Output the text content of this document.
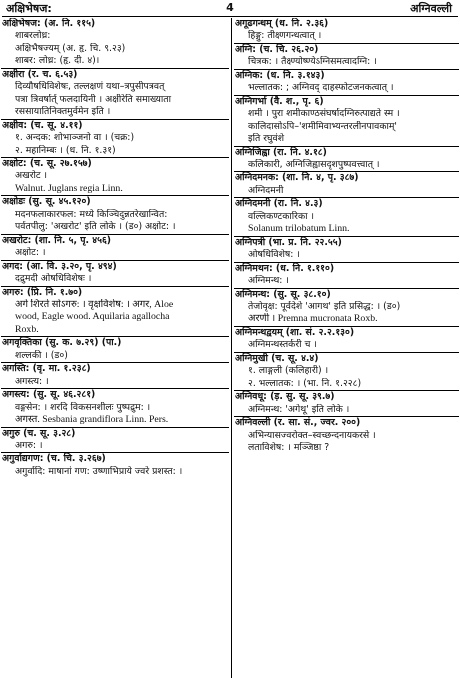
अक्षिभेषज:	4	अग्निवल्ली
अक्षिभेषज: (अ. नि. ११५)
शाबरलोध्र:
अक्षिभैषज्यम् (अ. हृ. चि. ९.२३)
शाबर: लोध्र: (हृ. दी. ४)।
अक्षीरा (र. च. ६.५३)
दिव्यौषधिविशेषः, तल्लक्षणं यथा–त्रपुसीपत्रवत्
पत्रा त्रिवर्षार्त् फलदायिनी । अक्षीरेति समाख्याता
रससायातिनिक्तमुर्वमेन इति ।
अक्षीव: (च. सू. ४.११)
१. अन्दक: शोभाञ्जनो वा । (चक्र:)
२. महानिम्बः । (ध. नि. १.३१)
अक्षोट: (च. सू. २७.१५७)
अखरोट ।
Walnut. Juglans regia Linn.
अक्षोडः (सु. सू. ४५.१२०)
मदनफलाकारफल: मध्ये किञ्चिदुन्नतरेखान्वित:
पर्वतपीलु: 'अखरोट' इति लोके । (ड०) अक्षोट: ।
अखरोट: (शा. नि. ५, पृ. ४५६)
अक्षोट: ।
अगद: (आ. वि. ३.२०, पृ. ४९४)
दद्रुमदी ओषधिविशेषः ।
अगरु: (प्रि. नि. १.७०)
अगे शिरते सोऽगरु: । वृक्षविशेष: । अगर, Aloe
wood, Eagle wood. Aquilaria agallocha
Roxb.
अगवृक्तिका (सु. क. ७.२९) (पा.)
शल्लकी । (ड०)
अगस्ति: (वृ. मा. १.२३८)
अगस्त्य: ।
अगस्त्य: (सु. सू. ४६.२८१)
वङ्गसेन: । शरदि विकसनशीलः पुष्पद्रुम: ।
अगस्त. Sesbania grandiflora Linn. Pers.
अगुरु (च. सू. ३.२८)
अगरु: ।
अगुर्वाद्यगण: (च. चि. ३.२६७)
अगुर्वादि: माषानां गण: उष्णाभिप्राये ज्वरे प्रशस्त: ।
अगूढगन्धम् (ध. नि. २.३६)
हिङ्गु: तीक्ष्णगन्धत्वात् ।
अग्नि: (च. चि. २६.२०)
चित्रक: । तैक्ष्ण्योष्ण्येऽग्निसमत्वादग्नि: ।
अग्निक: (ध. नि. ३.१४३)
भल्लातक: ; अग्निवद् दाहस्फोटजनकत्वात् ।
अग्निगर्भा (वै. श., पृ. ६)
शमी । पुरा शमीकाण्ठसंघर्षादग्निरुत्पाद्यते स्म ।
कालिदासोऽपि–'शमीमिवाभ्यन्तरलीनपावकाम्'
इति रघुवंशे
अग्निजिह्वा (रा. नि. ४.१८)
कलिकारी, अग्निजिह्वासदृशपुष्पवत्त्वात् ।
अग्निदमनक: (शा. नि. ४, पृ. ३८७)
अग्निदमनी
अग्निदमनी (रा. नि. ४.३)
वल्लिकण्टकारिका ।
Solanum trilobatum Linn.
अग्निपत्री (भा. प्र. नि. २२.५५)
ओषधिविशेष: ।
अग्निमथन: (ध. नि. १.११०)
अग्निमन्थ: ।
अग्निमन्थ: (सु. सू. ३८.१०)
तेजोवृक्ष: पूर्वदेशे 'आगथ' इति प्रसिद्ध: । (ड०)
अरणी । Premna mucronata Roxb.
अग्निमन्थद्वयम् (शा. सं. २.२.१३०)
अग्निमन्थस्तर्करी च ।
अग्निमुखी (च. सू. ४.४)
१. लाङ्गली (कलिहारी) ।
२. भल्लातक: । (भा. नि. १.२२८)
अग्निवधू: (ड़. सु. सू. ३९.७)
अग्निमन्थ: 'अगेथू' इति लोके ।
अग्निवल्ली (र. सा. सं., ज्वर. २००)
अभिन्यासज्वरोक्त–स्वच्छन्दनायकरसे ।
लताविशेष: । मञ्जिष्ठा ?
